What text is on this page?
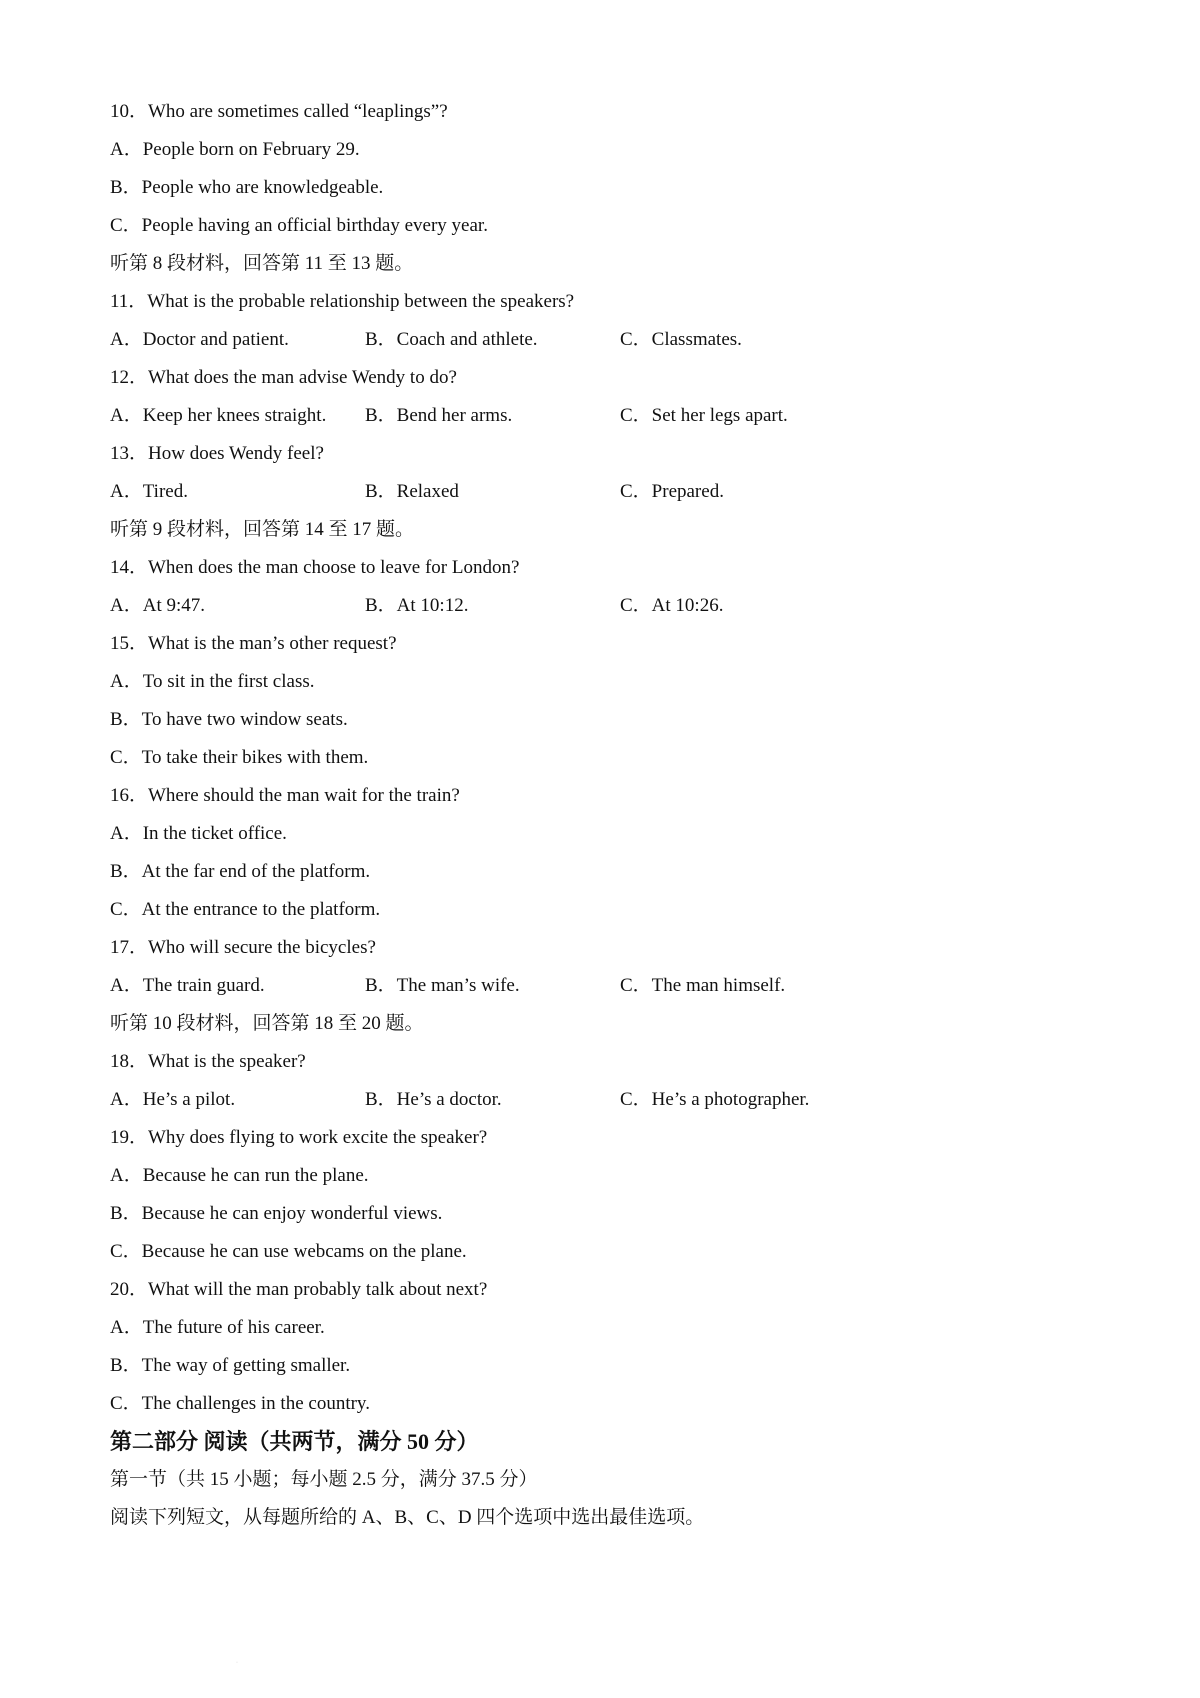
10．Who are sometimes called “leaplings”?
A．People born on February 29.
B．People who are knowledgeable.
C．People having an official birthday every year.
听第 8 段材料，回答第 11 至 13 题。
11．What is the probable relationship between the speakers?
A．Doctor and patient.	B．Coach and athlete.	C．Classmates.
12．What does the man advise Wendy to do?
A．Keep her knees straight. B．Bend her arms.	C．Set her legs apart.
13．How does Wendy feel?
A．Tired.	B．Relaxed	C．Prepared.
听第 9 段材料，回答第 14 至 17 题。
14．When does the man choose to leave for London?
A．At 9:47.	B．At 10:12.	C．At 10:26.
15．What is the man’s other request?
A．To sit in the first class.
B．To have two window seats.
C．To take their bikes with them.
16．Where should the man wait for the train?
A．In the ticket office.
B．At the far end of the platform.
C．At the entrance to the platform.
17．Who will secure the bicycles?
A．The train guard.	B．The man’s wife.	C．The man himself.
听第 10 段材料，回答第 18 至 20 题。
18．What is the speaker?
A．He’s a pilot.	B．He’s a doctor.	C．He’s a photographer.
19．Why does flying to work excite the speaker?
A．Because he can run the plane.
B．Because he can enjoy wonderful views.
C．Because he can use webcams on the plane.
20．What will the man probably talk about next?
A．The future of his career.
B．The way of getting smaller.
C．The challenges in the country.
第二部分 阅读（共两节，满分 50 分）
第一节（共 15 小题；每小题 2.5 分，满分 37.5 分）
阅读下列短文，从每题所给的 A、B、C、D 四个选项中选出最佳选项。
·
